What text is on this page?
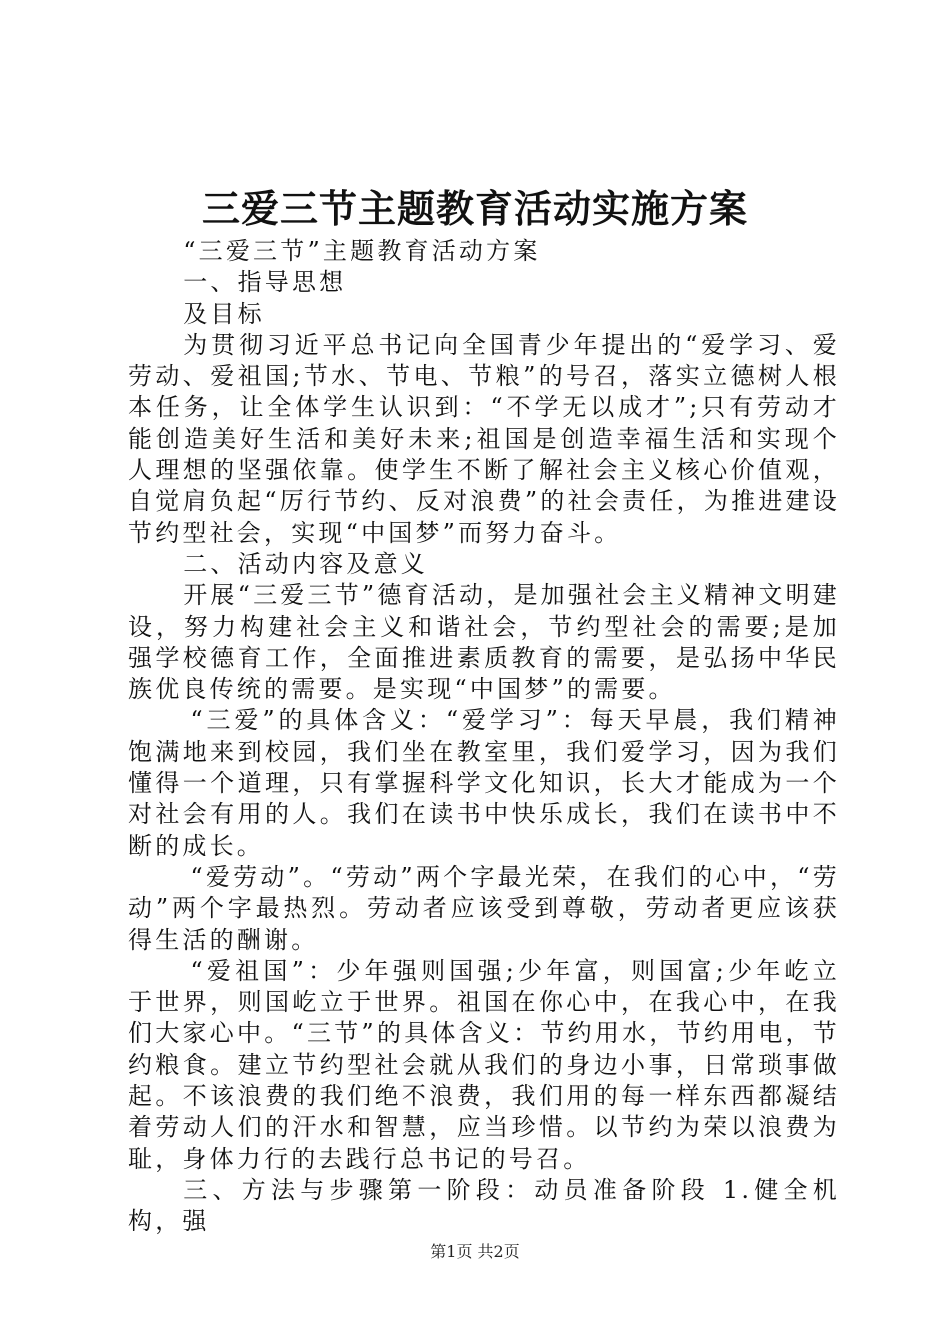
三爱三节主题教育活动实施方案

“三爱三节”主题教育活动方案

一、指导思想

及目标

为贯彻习近平总书记向全国青少年提出的“爱学习、爱劳动、爱祖国;节水、节电、节粮”的号召，落实立德树人根本任务，让全体学生认识到：“不学无以成才”;只有劳动才能创造美好生活和美好未来;祖国是创造幸福生活和实现个人理想的坚强依靠。使学生不断了解社会主义核心价值观，自觉肩负起“厉行节约、反对浪费”的社会责任，为推进建设节约型社会，实现“中国梦”而努力奋斗。

二、活动内容及意义

开展“三爱三节”德育活动，是加强社会主义精神文明建设，努力构建社会主义和谐社会，节约型社会的需要;是加强学校德育工作，全面推进素质教育的需要，是弘扬中华民族优良传统的需要。是实现“中国梦”的需要。

“三爱”的具体含义：“爱学习”：每天早晨，我们精神饱满地来到校园，我们坐在教室里，我们爱学习，因为我们懂得一个道理，只有掌握科学文化知识，长大才能成为一个对社会有用的人。我们在读书中快乐成长，我们在读书中不断的成长。

“爱劳动”。“劳动”两个字最光荣，在我们的心中，“劳动”两个字最热烈。劳动者应该受到尊敬，劳动者更应该获得生活的酬谢。

“爱祖国”：少年强则国强;少年富，则国富;少年屹立于世界，则国屹立于世界。祖国在你心中，在我心中，在我们大家心中。“三节”的具体含义：节约用水，节约用电，节约粮食。建立节约型社会就从我们的身边小事，日常琐事做起。不该浪费的我们绝不浪费，我们用的每一样东西都凝结着劳动人们的汗水和智慧，应当珍惜。以节约为荣以浪费为耻，身体力行的去践行总书记的号召。

三、方法与步骤第一阶段：动员准备阶段 1.健全机构，强

第1页 共2页
